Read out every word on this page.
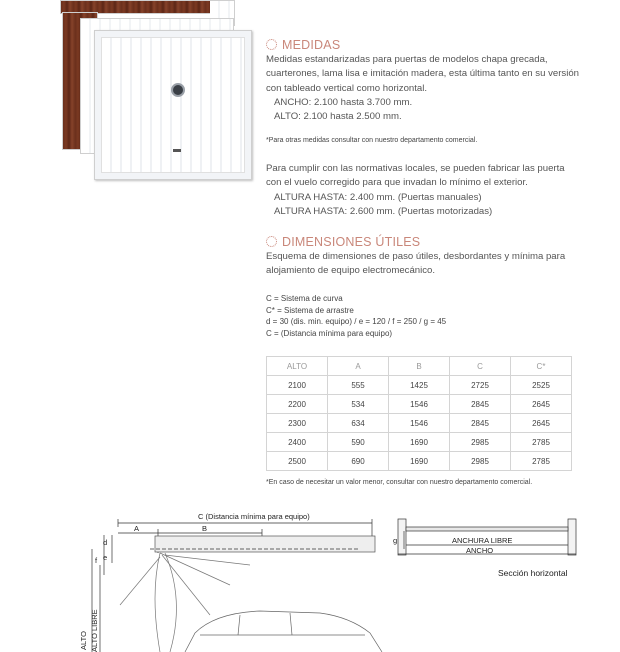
MEDIDAS
Medidas estandarizadas para puertas de modelos chapa grecada,
cuarterones, lama lisa e imitación madera, esta última tanto en su versión
con tableado vertical como horizontal.
ANCHO: 2.100 hasta 3.700 mm.
ALTO: 2.100 hasta 2.500 mm.
*Para otras medidas consultar con nuestro departamento comercial.
Para cumplir con las normativas locales, se pueden fabricar las puerta
con el vuelo corregido para que invadan lo mínimo el exterior.
ALTURA HASTA: 2.400 mm. (Puertas manuales)
ALTURA HASTA: 2.600 mm. (Puertas motorizadas)
DIMENSIONES ÚTILES
Esquema de dimensiones de paso útiles, desbordantes y mínima para
alojamiento de equipo electromecánico.
C = Sistema de curva
C* = Sistema de arrastre
d = 30 (dis. min. equipo) / e = 120 / f = 250 / g = 45
C = (Distancia mínima para equipo)
ALTO	A	B	C	C*
2100	555	1425	2725	2525
2200	534	1546	2845	2645
2300	634	1546	2845	2645
2400	590	1690	2985	2785
2500	690	1690	2985	2785
*En caso de necesitar un valor menor, consultar con nuestro departamento comercial.
C (Distancia mínima para equipo)
A	B
d
e
f
ALTO ALTO LIBRE
g	ANCHURA LIBRE
ANCHO
Sección horizontal
